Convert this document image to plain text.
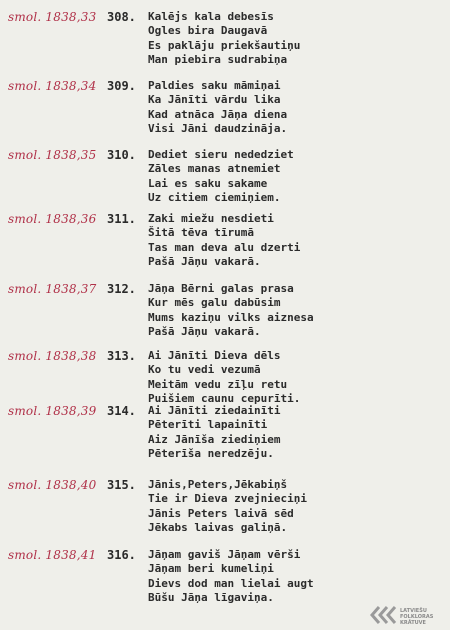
smol. 1838,33 308. Kalējs kala debesīs
Ogles bira Daugavā
Es paklāju priekšautiņu
Man piebira sudrabiņa
smol. 1838,34 309. Paldies saku māmiņai
Ka Jānīti vārdu lika
Kad atnāca Jāņa diena
Visi Jāni daudzināja.
smol. 1838,35 310. Dediet sieru nededziet
Zāles manas atnemiet
Lai es saku sakame
Uz citiem ciemiņiem.
smol. 1838,36 311. Zaki miežu nesdieti
Šitā tēva tīrumā
Tas man deva alu dzerti
Pašā Jāņu vakarā.
smol. 1838,37 312. Jāņa Bērni galas prasa
Kur mēs galu dabūsim
Mums kaziņu vilks aiznesa
Pašā Jāņu vakarā.
smol. 1838,38 313. Ai Jānīti Dieva dēls
Ko tu vedi vezumā
Meitām vedu zīļu retu
Puišiem caunu cepurīti.
smol. 1838,39 314. Ai Jānīti ziedainīti
Pēterīti lapainīti
Aiz Jānīša ziediņiem
Pēterīša neredzēju.
smol. 1838,40 315. Jānis,Peters,Jēkabiņš
Tie ir Dieva zvejnieciņi
Jānis Peters laivā sēd
Jēkabs laivas galiņā.
smol. 1838,41 316. Jāņam gaviš Jāņam vērši
Jāņam beri kumeliņi
Dievs dod man lielai augt
Būšu Jāņa līgaviņa.
LATVIEŠU
FOLKLORAS
KRĀTUVE
